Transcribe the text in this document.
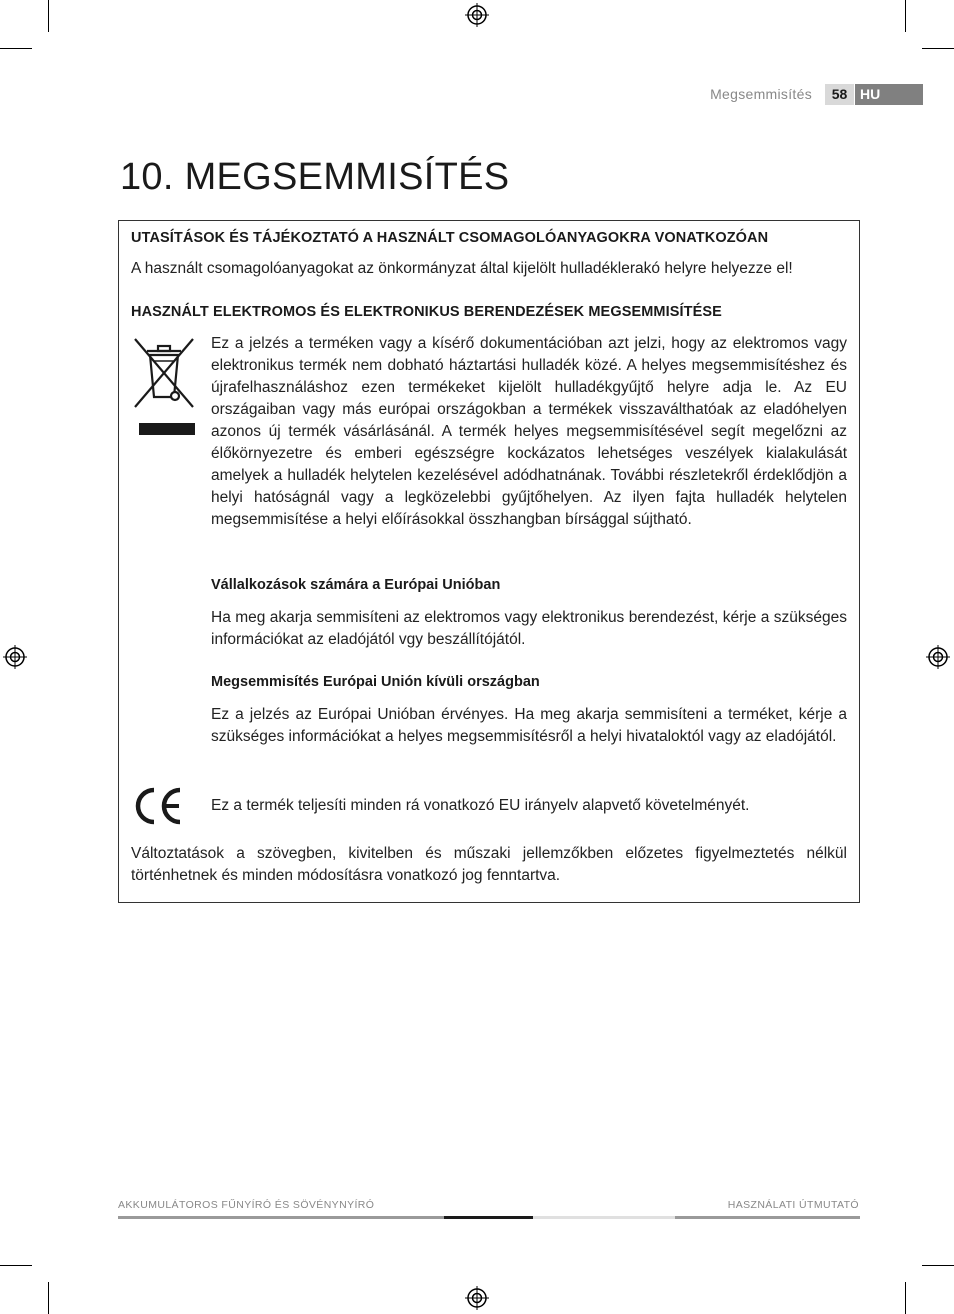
Megsemmisítés	58 HU
10. MEGSEMMISÍTÉS

UTASÍTÁSOK ÉS TÁJÉKOZTATÓ A HASZNÁLT CSOMAGOLÓANYAGOKRA VONATKOZÓAN

A használt csomagolóanyagokat az önkormányzat által kijelölt hulladéklerakó helyre helyezze el!

HASZNÁLT ELEKTROMOS ÉS ELEKTRONIKUS BERENDEZÉSEK MEGSEMMISÍTÉSE

Ez a jelzés a terméken vagy a kísérő dokumentációban azt jelzi, hogy az elektromos vagy elektronikus termék nem dobható háztartási hulladék közé. A helyes megsemmisítéshez és újrafelhasználáshoz ezen termékeket kijelölt hulladékgyűjtő helyre adja le. Az EU országaiban vagy más európai országokban a termékek visszaválthatóak az eladóhelyen azonos új termék vásárlásánál. A termék helyes megsemmisítésével segít megelőzni az élőkörnyezetre és emberi egészségre kockázatos lehetséges veszélyek kialakulását amelyek a hulladék helytelen kezelésével adódhatnának. További részletekről érdeklődjön a helyi hatóságnál vagy a legközelebbi gyűjtőhelyen. Az ilyen fajta hulladék helytelen megsemmisítése a helyi előírásokkal összhangban bírsággal sújtható.

Vállalkozások számára a Európai Unióban

Ha meg akarja semmisíteni az elektromos vagy elektronikus berendezést, kérje a szükséges információkat az eladójától vgy beszállítójától.

Megsemmisítés Európai Unión kívüli országban

Ez a jelzés az Európai Unióban érvényes. Ha meg akarja semmisíteni a terméket, kérje a szükséges információkat a helyes megsemmisítésről a helyi hivataloktól vagy az eladójától.

Ez a termék teljesíti minden rá vonatkozó EU irányelv alapvető követelményét.

Változtatások a szövegben, kivitelben és műszaki jellemzőkben előzetes figyelmeztetés nélkül történhetnek és minden módosításra vonatkozó jog fenntartva.

AKKUMULÁTOROS FŰNYÍRÓ ÉS SÖVÉNYNYÍRÓ	HASZNÁLATI ÚTMUTATÓ
